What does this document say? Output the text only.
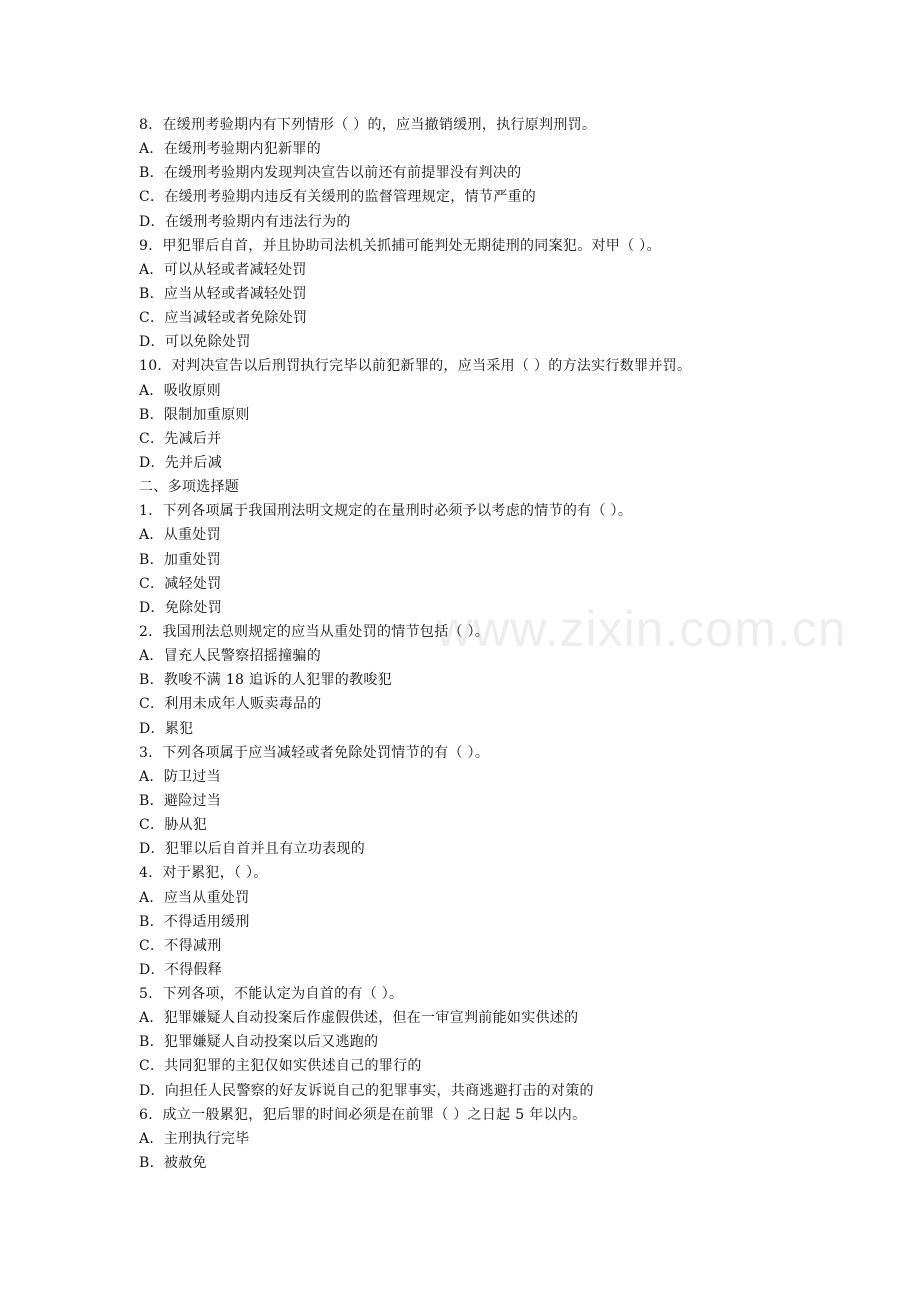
www.zixin.com.cn
8．在缓刑考验期内有下列情形（ ）的，应当撤销缓刑，执行原判刑罚。
A．在缓刑考验期内犯新罪的
B．在缓刑考验期内发现判决宣告以前还有前提罪没有判决的
C．在缓刑考验期内违反有关缓刑的监督管理规定，情节严重的
D．在缓刑考验期内有违法行为的
9．甲犯罪后自首，并且协助司法机关抓捕可能判处无期徒刑的同案犯。对甲（ ）。
A．可以从轻或者减轻处罚
B．应当从轻或者减轻处罚
C．应当减轻或者免除处罚
D．可以免除处罚
10．对判决宣告以后刑罚执行完毕以前犯新罪的，应当采用（ ）的方法实行数罪并罚。
A．吸收原则
B．限制加重原则
C．先减后并
D．先并后减
二、多项选择题
1．下列各项属于我国刑法明文规定的在量刑时必须予以考虑的情节的有（ ）。
A．从重处罚
B．加重处罚
C．减轻处罚
D．免除处罚
2．我国刑法总则规定的应当从重处罚的情节包括（ ）。
A．冒充人民警察招摇撞骗的
B．教唆不满 18 追诉的人犯罪的教唆犯
C．利用未成年人贩卖毒品的
D．累犯
3．下列各项属于应当减轻或者免除处罚情节的有（ ）。
A．防卫过当
B．避险过当
C．胁从犯
D．犯罪以后自首并且有立功表现的
4．对于累犯，（ ）。
A．应当从重处罚
B．不得适用缓刑
C．不得减刑
D．不得假释
5．下列各项，不能认定为自首的有（ ）。
A．犯罪嫌疑人自动投案后作虚假供述，但在一审宣判前能如实供述的
B．犯罪嫌疑人自动投案以后又逃跑的
C．共同犯罪的主犯仅如实供述自己的罪行的
D．向担任人民警察的好友诉说自己的犯罪事实，共商逃避打击的对策的
6．成立一般累犯，犯后罪的时间必须是在前罪（ ）之日起 5 年以内。
A．主刑执行完毕
B．被赦免
